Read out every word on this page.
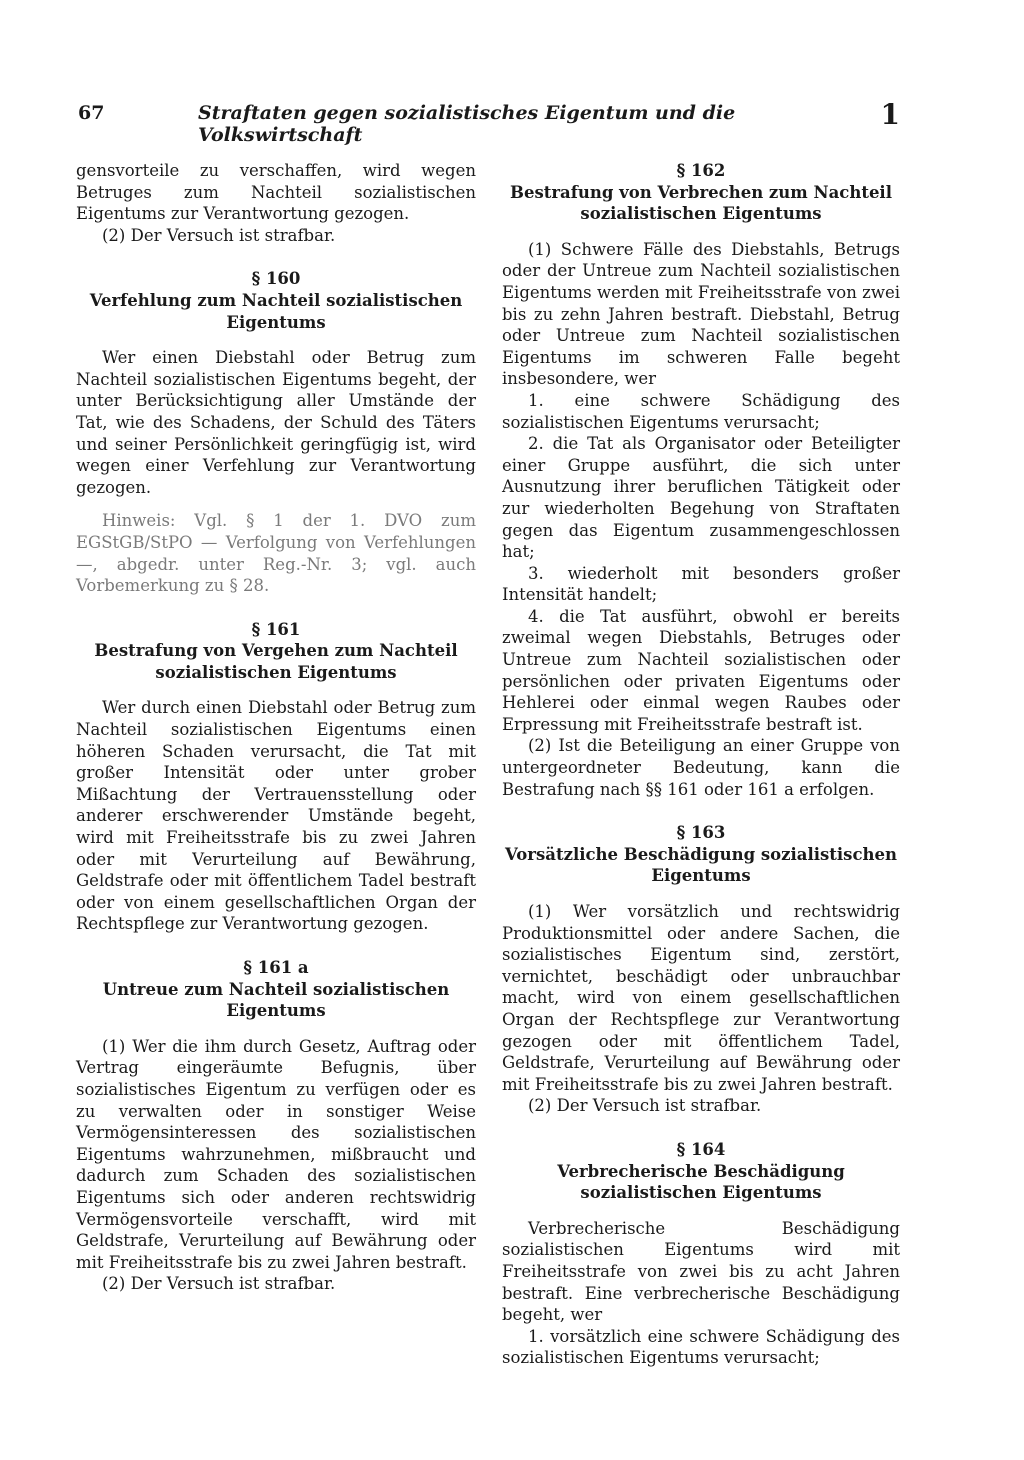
67	Straftaten gegen sozialistisches Eigentum und die Volkswirtschaft
1

gensvorteile zu verschaffen, wird wegen Betruges zum Nachteil sozialistischen Eigentums zur Verantwortung gezogen.

(2) Der Versuch ist strafbar.

§ 160
Verfehlung zum Nachteil sozialistischen Eigentums

Wer einen Diebstahl oder Betrug zum Nachteil sozialistischen Eigentums begeht, der unter Berücksichtigung aller Umstände der Tat, wie des Schadens, der Schuld des Täters und seiner Persönlichkeit geringfügig ist, wird wegen einer Verfehlung zur Verantwortung gezogen.

Hinweis: Vgl. § 1 der 1. DVO zum EGStGB/StPO — Verfolgung von Verfehlungen —, abgedr. unter Reg.-Nr. 3; vgl. auch Vorbemerkung zu § 28.

§ 161
Bestrafung von Vergehen zum Nachteil sozialistischen Eigentums

Wer durch einen Diebstahl oder Betrug zum Nachteil sozialistischen Eigentums einen höheren Schaden verursacht, die Tat mit großer Intensität oder unter grober Mißachtung der Vertrauensstellung oder anderer erschwerender Umstände begeht, wird mit Freiheitsstrafe bis zu zwei Jahren oder mit Verurteilung auf Bewährung, Geldstrafe oder mit öffentlichem Tadel bestraft oder von einem gesellschaftlichen Organ der Rechtspflege zur Verantwortung gezogen.

§ 161 a
Untreue zum Nachteil sozialistischen Eigentums

(1) Wer die ihm durch Gesetz, Auftrag oder Vertrag eingeräumte Befugnis, über sozialistisches Eigentum zu verfügen oder es zu verwalten oder in sonstiger Weise Vermögensinteressen des sozialistischen Eigentums wahrzunehmen, mißbraucht und dadurch zum Schaden des sozialistischen Eigentums sich oder anderen rechtswidrig Vermögensvorteile verschafft, wird mit Geldstrafe, Verurteilung auf Bewährung oder mit Freiheitsstrafe bis zu zwei Jahren bestraft.

(2) Der Versuch ist strafbar.

§ 162
Bestrafung von Verbrechen zum Nachteil sozialistischen Eigentums

(1) Schwere Fälle des Diebstahls, Betrugs oder der Untreue zum Nachteil sozialistischen Eigentums werden mit Freiheitsstrafe von zwei bis zu zehn Jahren bestraft. Diebstahl, Betrug oder Untreue zum Nachteil sozialistischen Eigentums im schweren Falle begeht insbesondere, wer

1. eine schwere Schädigung des sozialistischen Eigentums verursacht;

2. die Tat als Organisator oder Beteiligter einer Gruppe ausführt, die sich unter Ausnutzung ihrer beruflichen Tätigkeit oder zur wiederholten Begehung von Straftaten gegen das Eigentum zusammengeschlossen hat;

3. wiederholt mit besonders großer Intensität handelt;

4. die Tat ausführt, obwohl er bereits zweimal wegen Diebstahls, Betruges oder Untreue zum Nachteil sozialistischen oder persönlichen oder privaten Eigentums oder Hehlerei oder einmal wegen Raubes oder Erpressung mit Freiheitsstrafe bestraft ist.

(2) Ist die Beteiligung an einer Gruppe von untergeordneter Bedeutung, kann die Bestrafung nach §§ 161 oder 161 a erfolgen.

§ 163
Vorsätzliche Beschädigung sozialistischen Eigentums

(1) Wer vorsätzlich und rechtswidrig Produktionsmittel oder andere Sachen, die sozialistisches Eigentum sind, zerstört, vernichtet, beschädigt oder unbrauchbar macht, wird von einem gesellschaftlichen Organ der Rechtspflege zur Verantwortung gezogen oder mit öffentlichem Tadel, Geldstrafe, Verurteilung auf Bewährung oder mit Freiheitsstrafe bis zu zwei Jahren bestraft.

(2) Der Versuch ist strafbar.

§ 164
Verbrecherische Beschädigung sozialistischen Eigentums

Verbrecherische Beschädigung sozialistischen Eigentums wird mit Freiheitsstrafe von zwei bis zu acht Jahren bestraft. Eine verbrecherische Beschädigung begeht, wer

1. vorsätzlich eine schwere Schädigung des sozialistischen Eigentums verursacht;
